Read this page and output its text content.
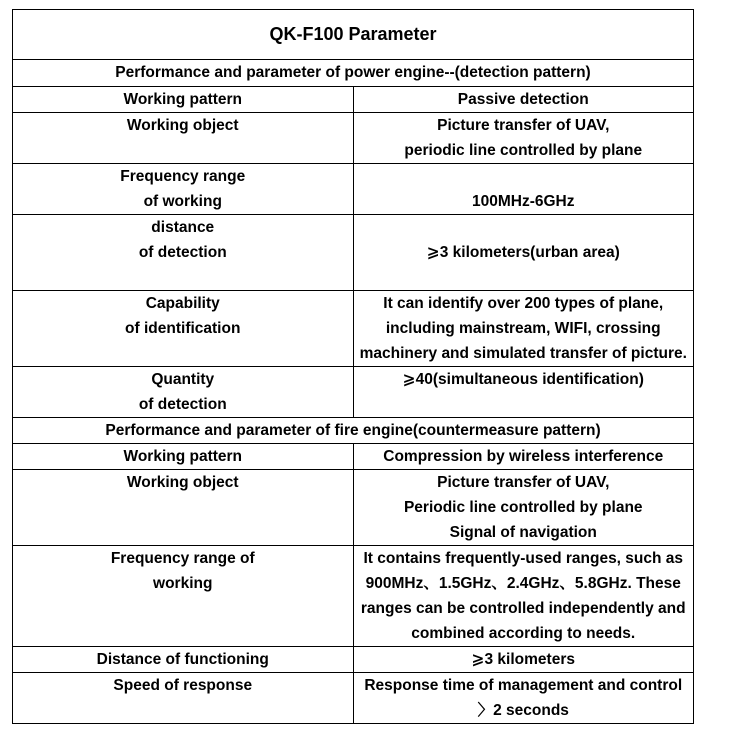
QK-F100 Parameter	
Performance and parameter of power engine--(detection pattern)	
Working pattern	Passive detection
Working object	Picture transfer of UAV,
periodic line controlled by plane
Frequency range
of working	100MHz-6GHz
distance
of detection	⩾3 kilometers(urban area)
Capability
of identification	It can identify over 200 types of plane, including mainstream, WIFI, crossing machinery and simulated transfer of picture.
Quantity
of detection	⩾40(simultaneous identification)
Performance and parameter of fire engine(countermeasure pattern)	
Working pattern	Compression by wireless interference
Working object	Picture transfer of UAV,
Periodic line controlled by plane
Signal of navigation
Frequency range of
working	It contains frequently-used ranges, such as 900MHz、1.5GHz、2.4GHz、5.8GHz. These ranges can be controlled independently and combined according to needs.
Distance of functioning	⩾3 kilometers
Speed of response	Response time of management and control
〉2 seconds
